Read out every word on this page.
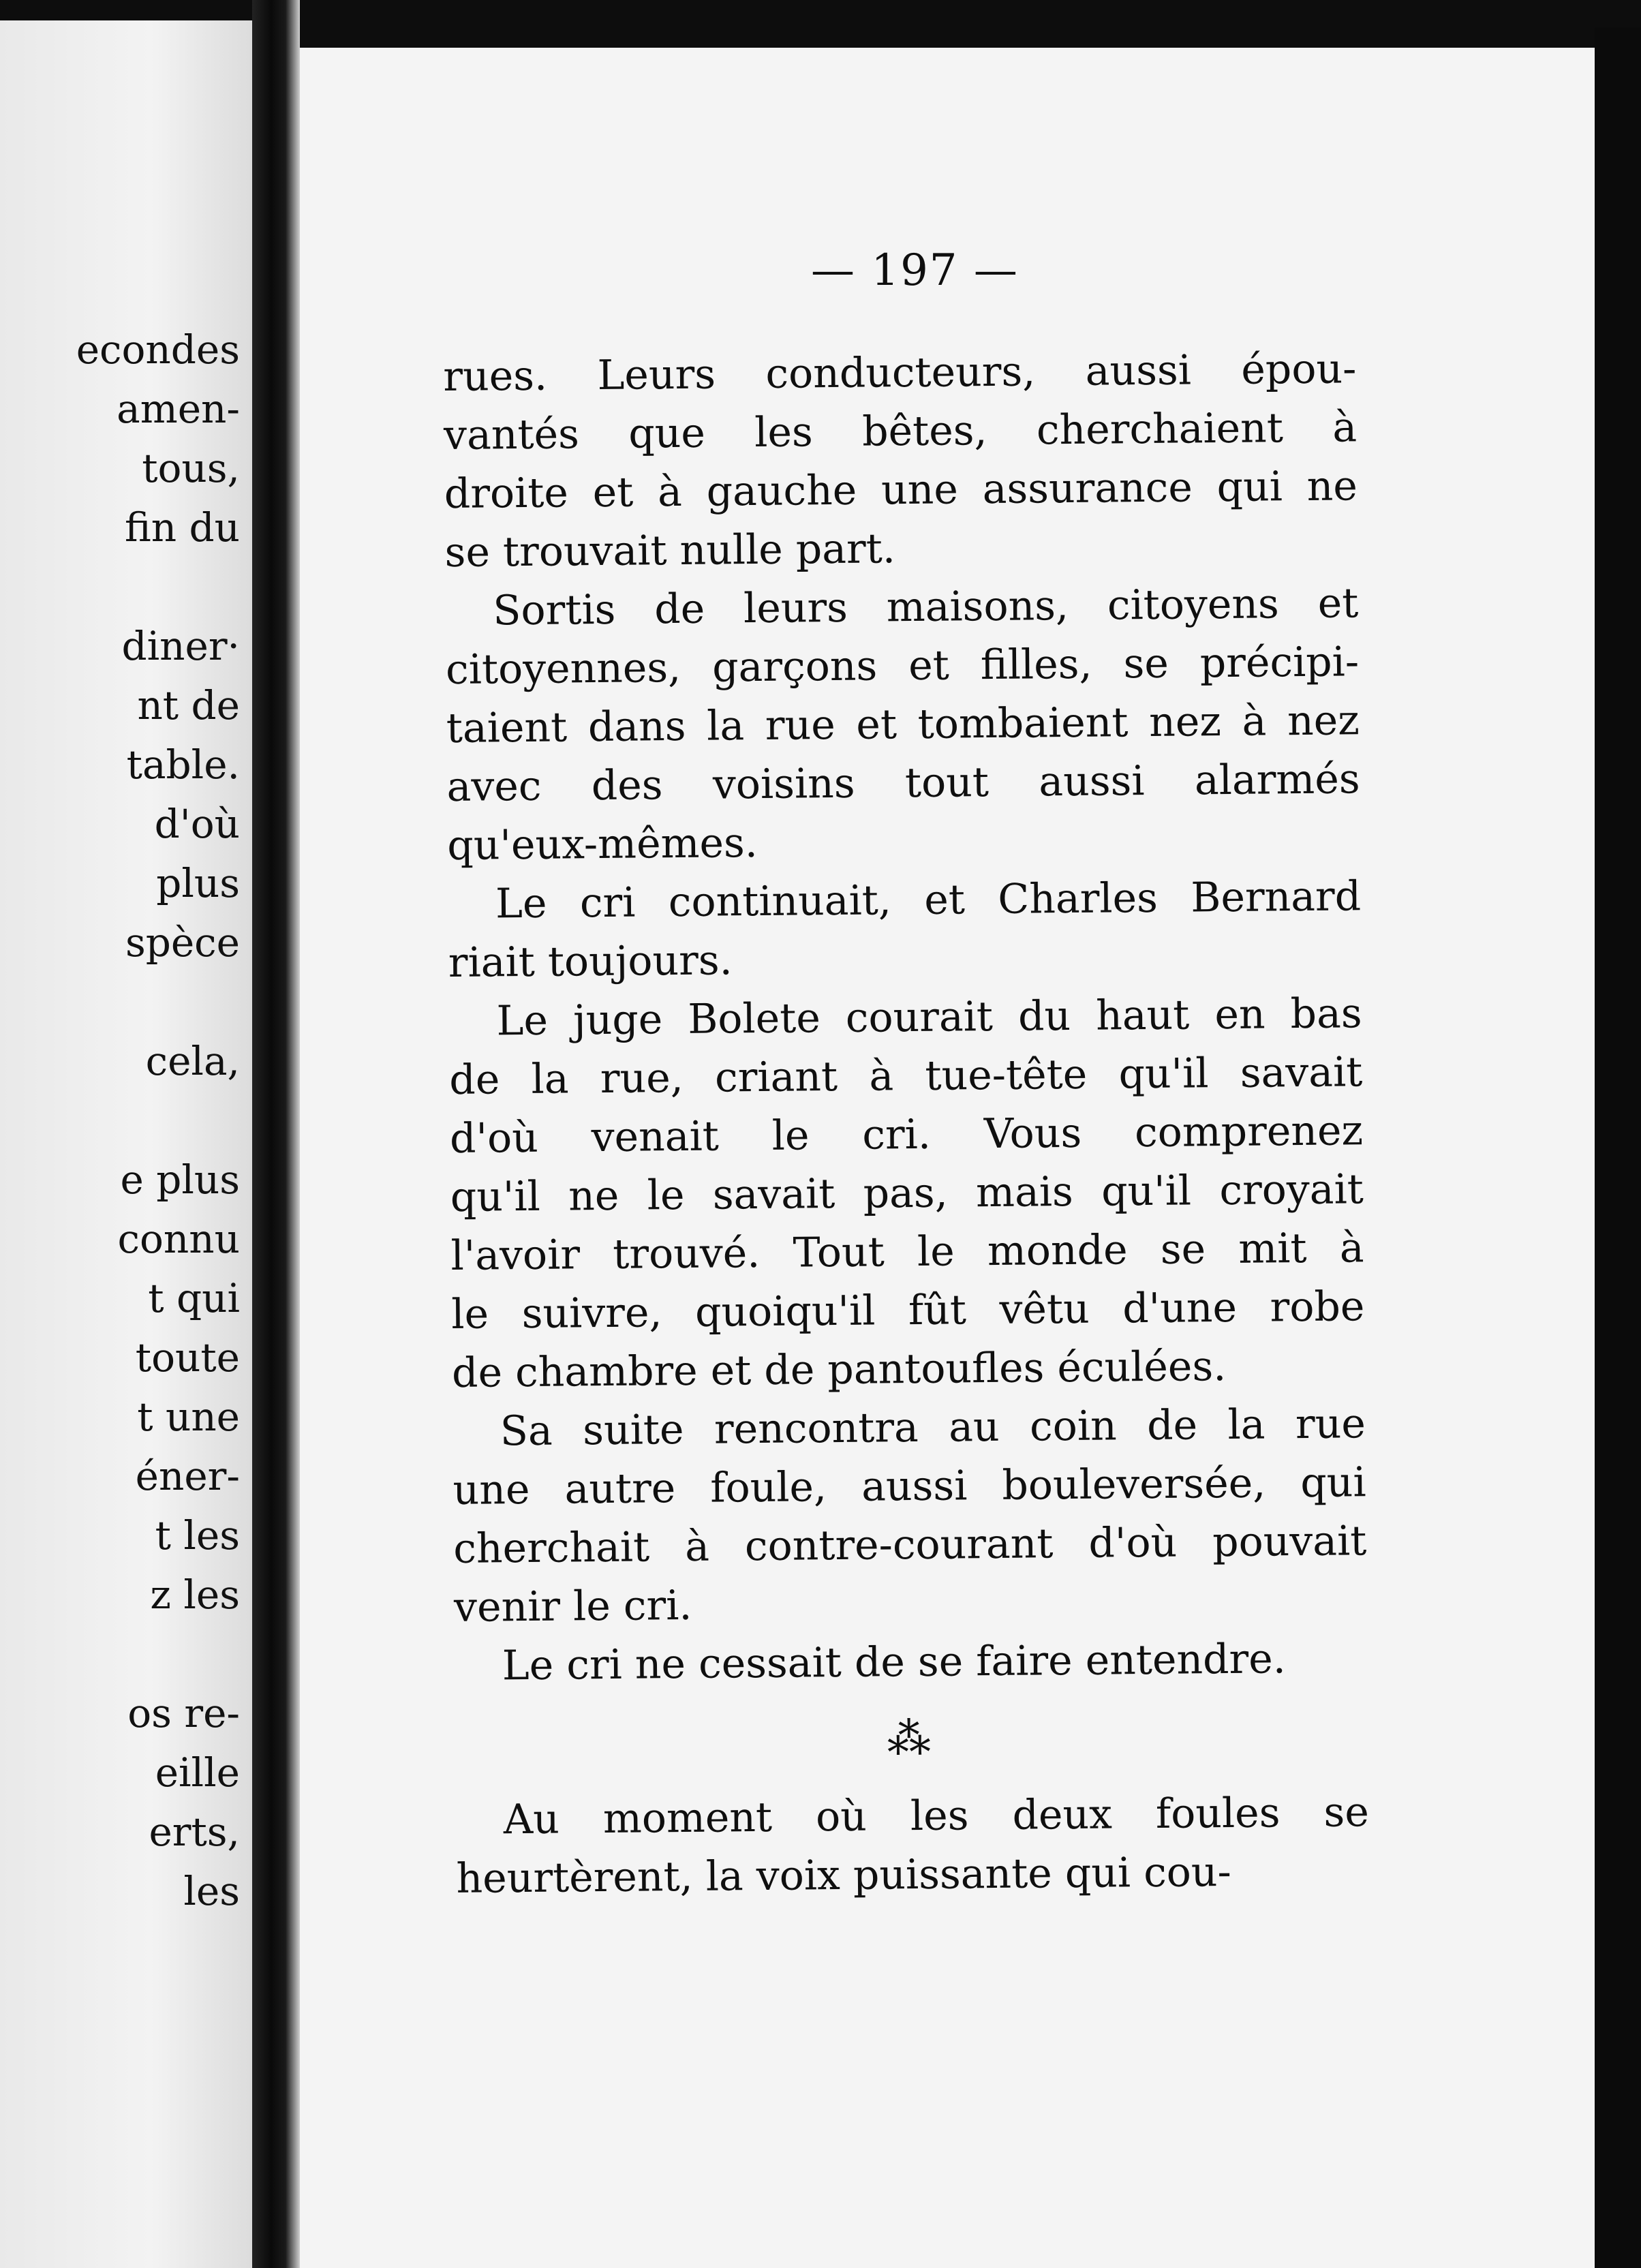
econdes
amen-
tous,
fin du
diner·
nt de
table.
d'où
plus
spèce
cela,
e plus
connu
t qui
toute
t une
éner-
t les
z les
os re-
eille
erts,
les
— 197 —
rues. Leurs conducteurs, aussi épou-
vantés que les bêtes, cherchaient à
droite et à gauche une assurance qui ne
se trouvait nulle part.
Sortis de leurs maisons, citoyens et
citoyennes, garçons et filles, se précipi-
taient dans la rue et tombaient nez à nez
avec des voisins tout aussi alarmés
qu'eux-mêmes.
Le cri continuait, et Charles Bernard
riait toujours.
Le juge Bolete courait du haut en bas
de la rue, criant à tue-tête qu'il savait
d'où venait le cri. Vous comprenez
qu'il ne le savait pas, mais qu'il croyait
l'avoir trouvé. Tout le monde se mit à
le suivre, quoiqu'il fût vêtu d'une robe
de chambre et de pantoufles éculées.
Sa suite rencontra au coin de la rue
une autre foule, aussi bouleversée, qui
cherchait à contre-courant d'où pouvait
venir le cri.
Le cri ne cessait de se faire entendre.
⁂
Au moment où les deux foules se
heurtèrent, la voix puissante qui cou-
